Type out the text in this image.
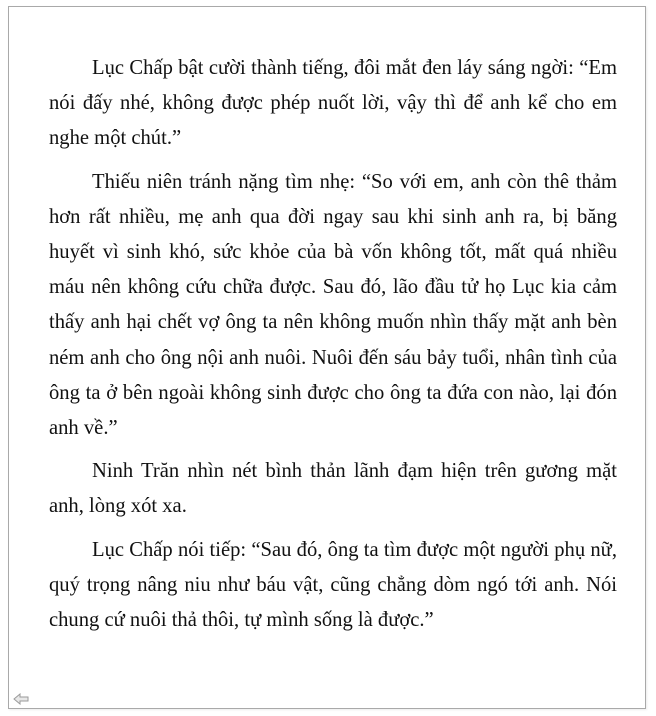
Lục Chấp bật cười thành tiếng, đôi mắt đen láy sáng ngời: “Em nói đấy nhé, không được phép nuốt lời, vậy thì để anh kể cho em nghe một chút.”

Thiếu niên tránh nặng tìm nhẹ: “So với em, anh còn thê thảm hơn rất nhiều, mẹ anh qua đời ngay sau khi sinh anh ra, bị băng huyết vì sinh khó, sức khỏe của bà vốn không tốt, mất quá nhiều máu nên không cứu chữa được. Sau đó, lão đầu tử họ Lục kia cảm thấy anh hại chết vợ ông ta nên không muốn nhìn thấy mặt anh bèn ném anh cho ông nội anh nuôi. Nuôi đến sáu bảy tuổi, nhân tình của ông ta ở bên ngoài không sinh được cho ông ta đứa con nào, lại đón anh về.”

Ninh Trăn nhìn nét bình thản lãnh đạm hiện trên gương mặt anh, lòng xót xa.

Lục Chấp nói tiếp: “Sau đó, ông ta tìm được một người phụ nữ, quý trọng nâng niu như báu vật, cũng chẳng dòm ngó tới anh. Nói chung cứ nuôi thả thôi, tự mình sống là được.”
